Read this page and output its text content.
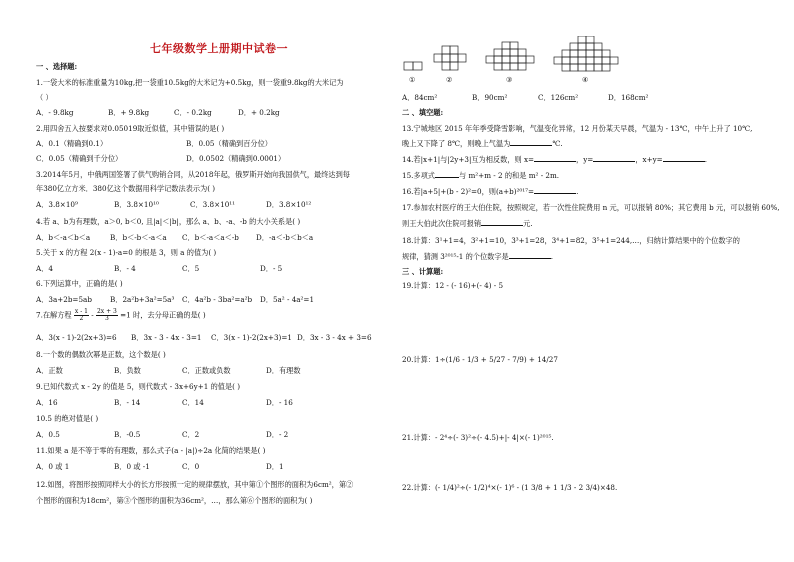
七年级数学上册期中试卷一
①	②	③	④
一 、选择题:
1.一袋大米的标准重量为10kg,把一袋重10.5kg的大米记为+0.5kg，则一袋重9.8kg的大米记为
（ ）
A．- 9.8kg	B．+ 9.8kg	C．- 0.2kg	D．+ 0.2kg
2.用四舍五入按要求对0.05019取近似值，其中错误的是( )
A．0.1（精确到0.1）	B．0.05（精确到百分位）
C．0.05（精确到千分位）	D．0.0502（精确到0.0001）
3.2014年5月，中俄两国签署了供气购销合同，从2018年起，俄罗斯开始向我国供气，最终达到每
年380亿立方米．380亿这个数据用科学记数法表示为( )
A．3.8×10⁹	B．3.8×10¹⁰	C．3.8×10¹¹	D．3.8×10¹²
4.若 a、b为有理数，a＞0, b＜0, 且|a|＜|b|，那么 a、b、-a、-b 的大小关系是( )
A．b＜-a＜b＜a	B．b＜-b＜-a＜a C．b＜-a＜a＜-b D．-a＜-b＜b＜a
5.关于 x 的方程 2(x - 1)-a=0 的根是 3，则 a 的值为( )
A．4	B．- 4	C．5	D．- 5
6.下列运算中，正确的是( )
A．3a+2b=5ab	B．2a²b+3a²=5a³ C．4a²b - 3ba²=a²b D．5a² - 4a²=1
7.在解方程 $\frac{x - 1}{2} - \frac{2x + 3}{3} =1$ 时，去分母正确的是( )
A．3(x - 1)-2(2x+3)=6 B．3x - 3 - 4x - 3=1 C．3(x - 1)-2(2x+3)=1 D．3x - 3 - 4x + 3=6
8.一个数的偶数次幂是正数，这个数是( )
A．正数	B．负数	C．正数或负数	D．有理数
9.已知代数式 x - 2y 的值是 5，则代数式 - 3x+6y+1 的值是( )
A．16	B．- 14	C．14	D．- 16
10.5 的绝对值是( )
A．0.5	B．-0.5	C．2	D．- 2
11.如果 a 是不等于零的有理数，那么式子(a - |a|)÷2a 化简的结果是( )
A．0 或 1	B．0 或 -1	C．0	D．1
12.如图，将图形按照同样大小的长方形按照一定的规律摆放，其中第①个图形的面积为6cm²，第②
个图形的面积为18cm²，第③个图形的面积为36cm²，…，那么第⑥个图形的面积为( )
A．84cm²	B．90cm²	C．126cm²	D．168cm²
二 、填空题:
13.宁城地区 2015 年年季受降雪影响，气温变化异常，12 月份某天早晨，气温为 - 13℃，中午上升了 10℃,
晚上又下降了 8℃，则晚上气温为	℃.
14.若|x+1|与|2y+3|互为相反数，则 x=	，y=	，x+y=	.
15.多项式	与 m²+m - 2 的和是 m² - 2m.
16.若|a+5|+(b - 2)²=0，则(a+b)²⁰¹⁷=	.
17.参加农村医疗的王大伯住院，按照规定，若一次性住院费用 n 元，可以报销 80%；其它费用 b 元，可以报销 60%,
则王大伯此次住院可报销	元.
18.计算：3¹+1=4，3²+1=10，3³+1=28，3⁴+1=82，3⁵+1=244,…，归纳计算结果中的个位数字的
规律，猜测 3²⁰¹⁵-1 的个位数字是	.
三 、计算题:
19.计算：12 - (- 16)+(- 4) - 5
20.计算：1÷(1/6 - 1/3 + 5/27 - 7/9) + 14/27
21.计算：- 2⁴÷(- 3)²÷(- 4.5)+|- 4|×(- 1)²⁰¹⁵.
22.计算：(- 1/4)²÷(- 1/2)⁴×(- 1)⁶ - (1 3/8 + 1 1/3 - 2 3/4)×48.
